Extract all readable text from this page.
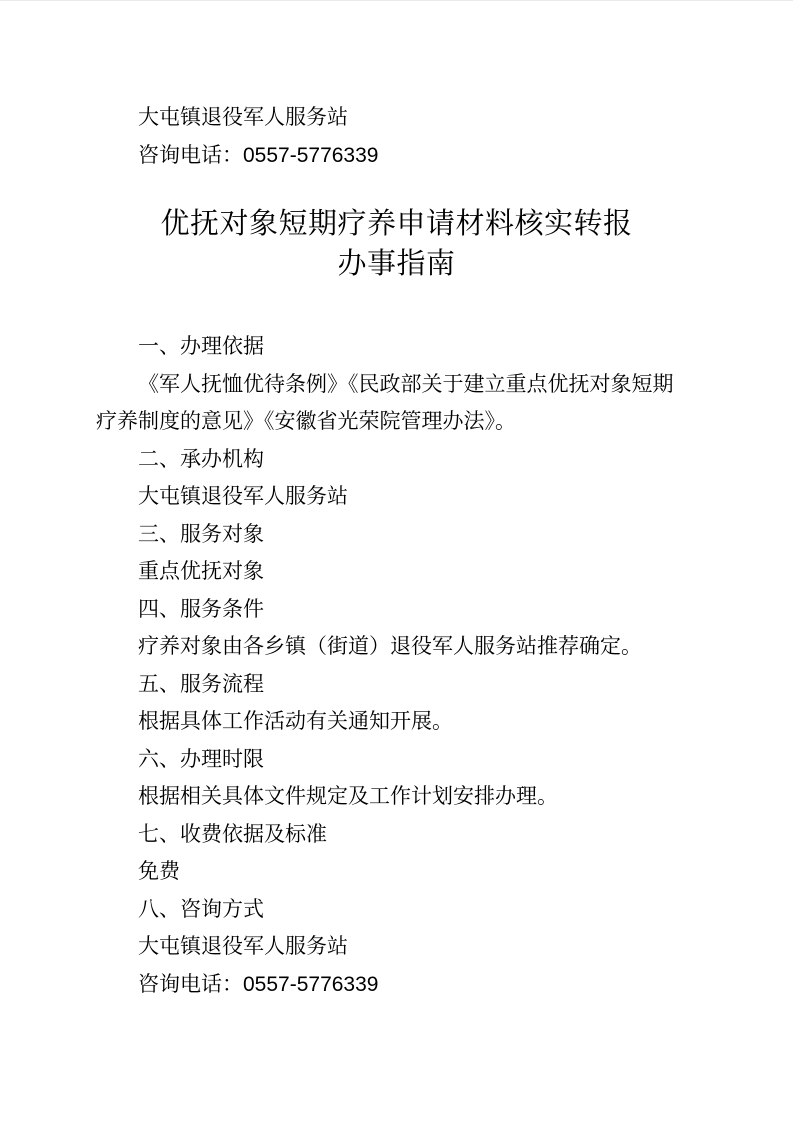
大屯镇退役军人服务站

咨询电话：0557-5776339

优抚对象短期疗养申请材料核实转报
办事指南

一、办理依据

《军人抚恤优待条例》《民政部关于建立重点优抚对象短期

疗养制度的意见》《安徽省光荣院管理办法》。

二、承办机构

大屯镇退役军人服务站

三、服务对象

重点优抚对象

四、服务条件

疗养对象由各乡镇（街道）退役军人服务站推荐确定。

五、服务流程

根据具体工作活动有关通知开展。

六、办理时限

根据相关具体文件规定及工作计划安排办理。

七、收费依据及标准

免费

八、咨询方式

大屯镇退役军人服务站

咨询电话：0557-5776339
